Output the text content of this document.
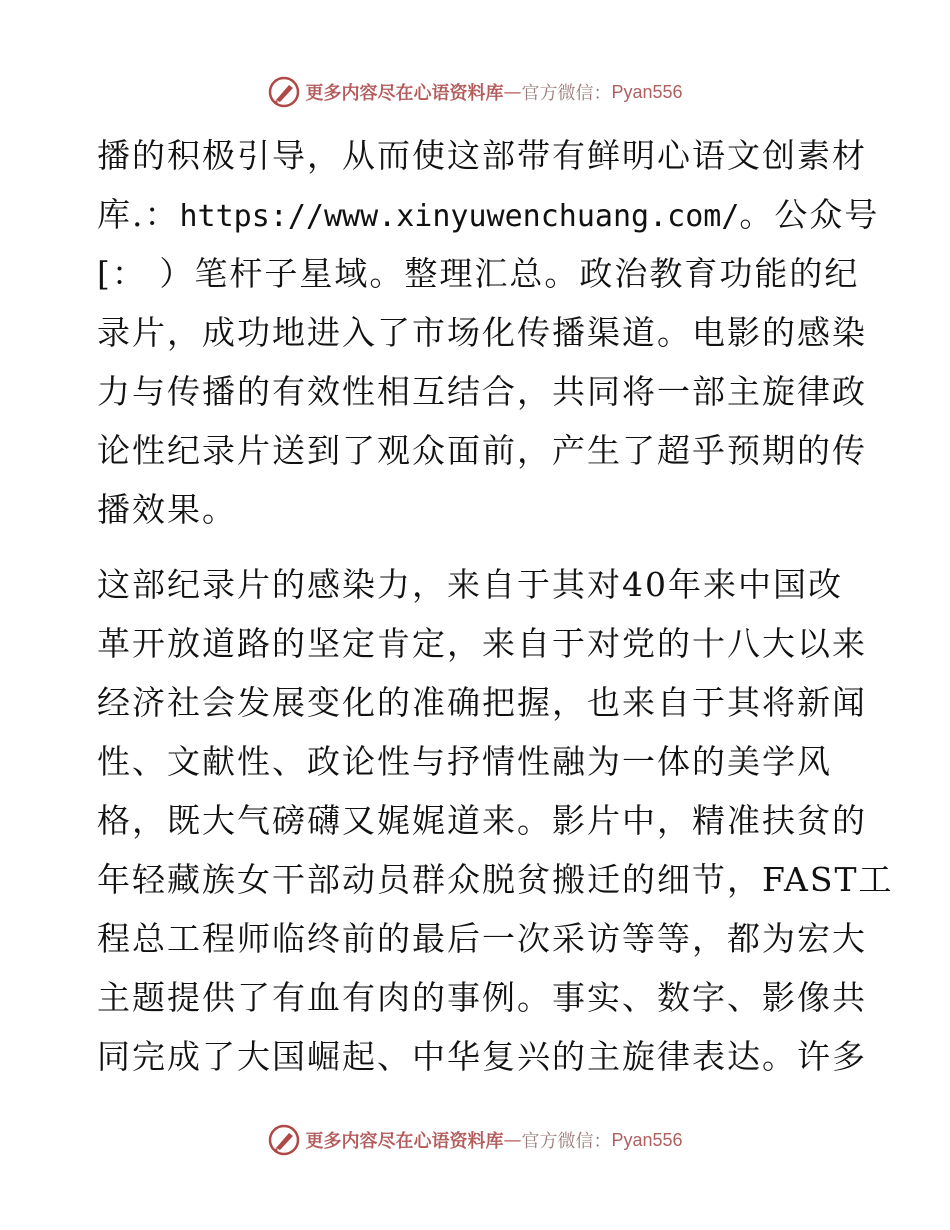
更多内容尽在心语资料库 — 官方微信： Pyan556
播的积极引导，从而使这部带有鲜明心语文创素材
库.：https://www.xinyuwenchuang.com/。公众号
[： ）笔杆子星域。整理汇总。政治教育功能的纪
录片，成功地进入了市场化传播渠道。电影的感染
力与传播的有效性相互结合，共同将一部主旋律政
论性纪录片送到了观众面前，产生了超乎预期的传
播效果。
这部纪录片的感染力，来自于其对40年来中国改
革开放道路的坚定肯定，来自于对党的十八大以来
经济社会发展变化的准确把握，也来自于其将新闻
性、文献性、政论性与抒情性融为一体的美学风
格，既大气磅礴又娓娓道来。影片中，精准扶贫的
年轻藏族女干部动员群众脱贫搬迁的细节，FAST工
程总工程师临终前的最后一次采访等等，都为宏大
主题提供了有血有肉的事例。事实、数字、影像共
同完成了大国崛起、中华复兴的主旋律表达。许多
更多内容尽在心语资料库 — 官方微信： Pyan556
